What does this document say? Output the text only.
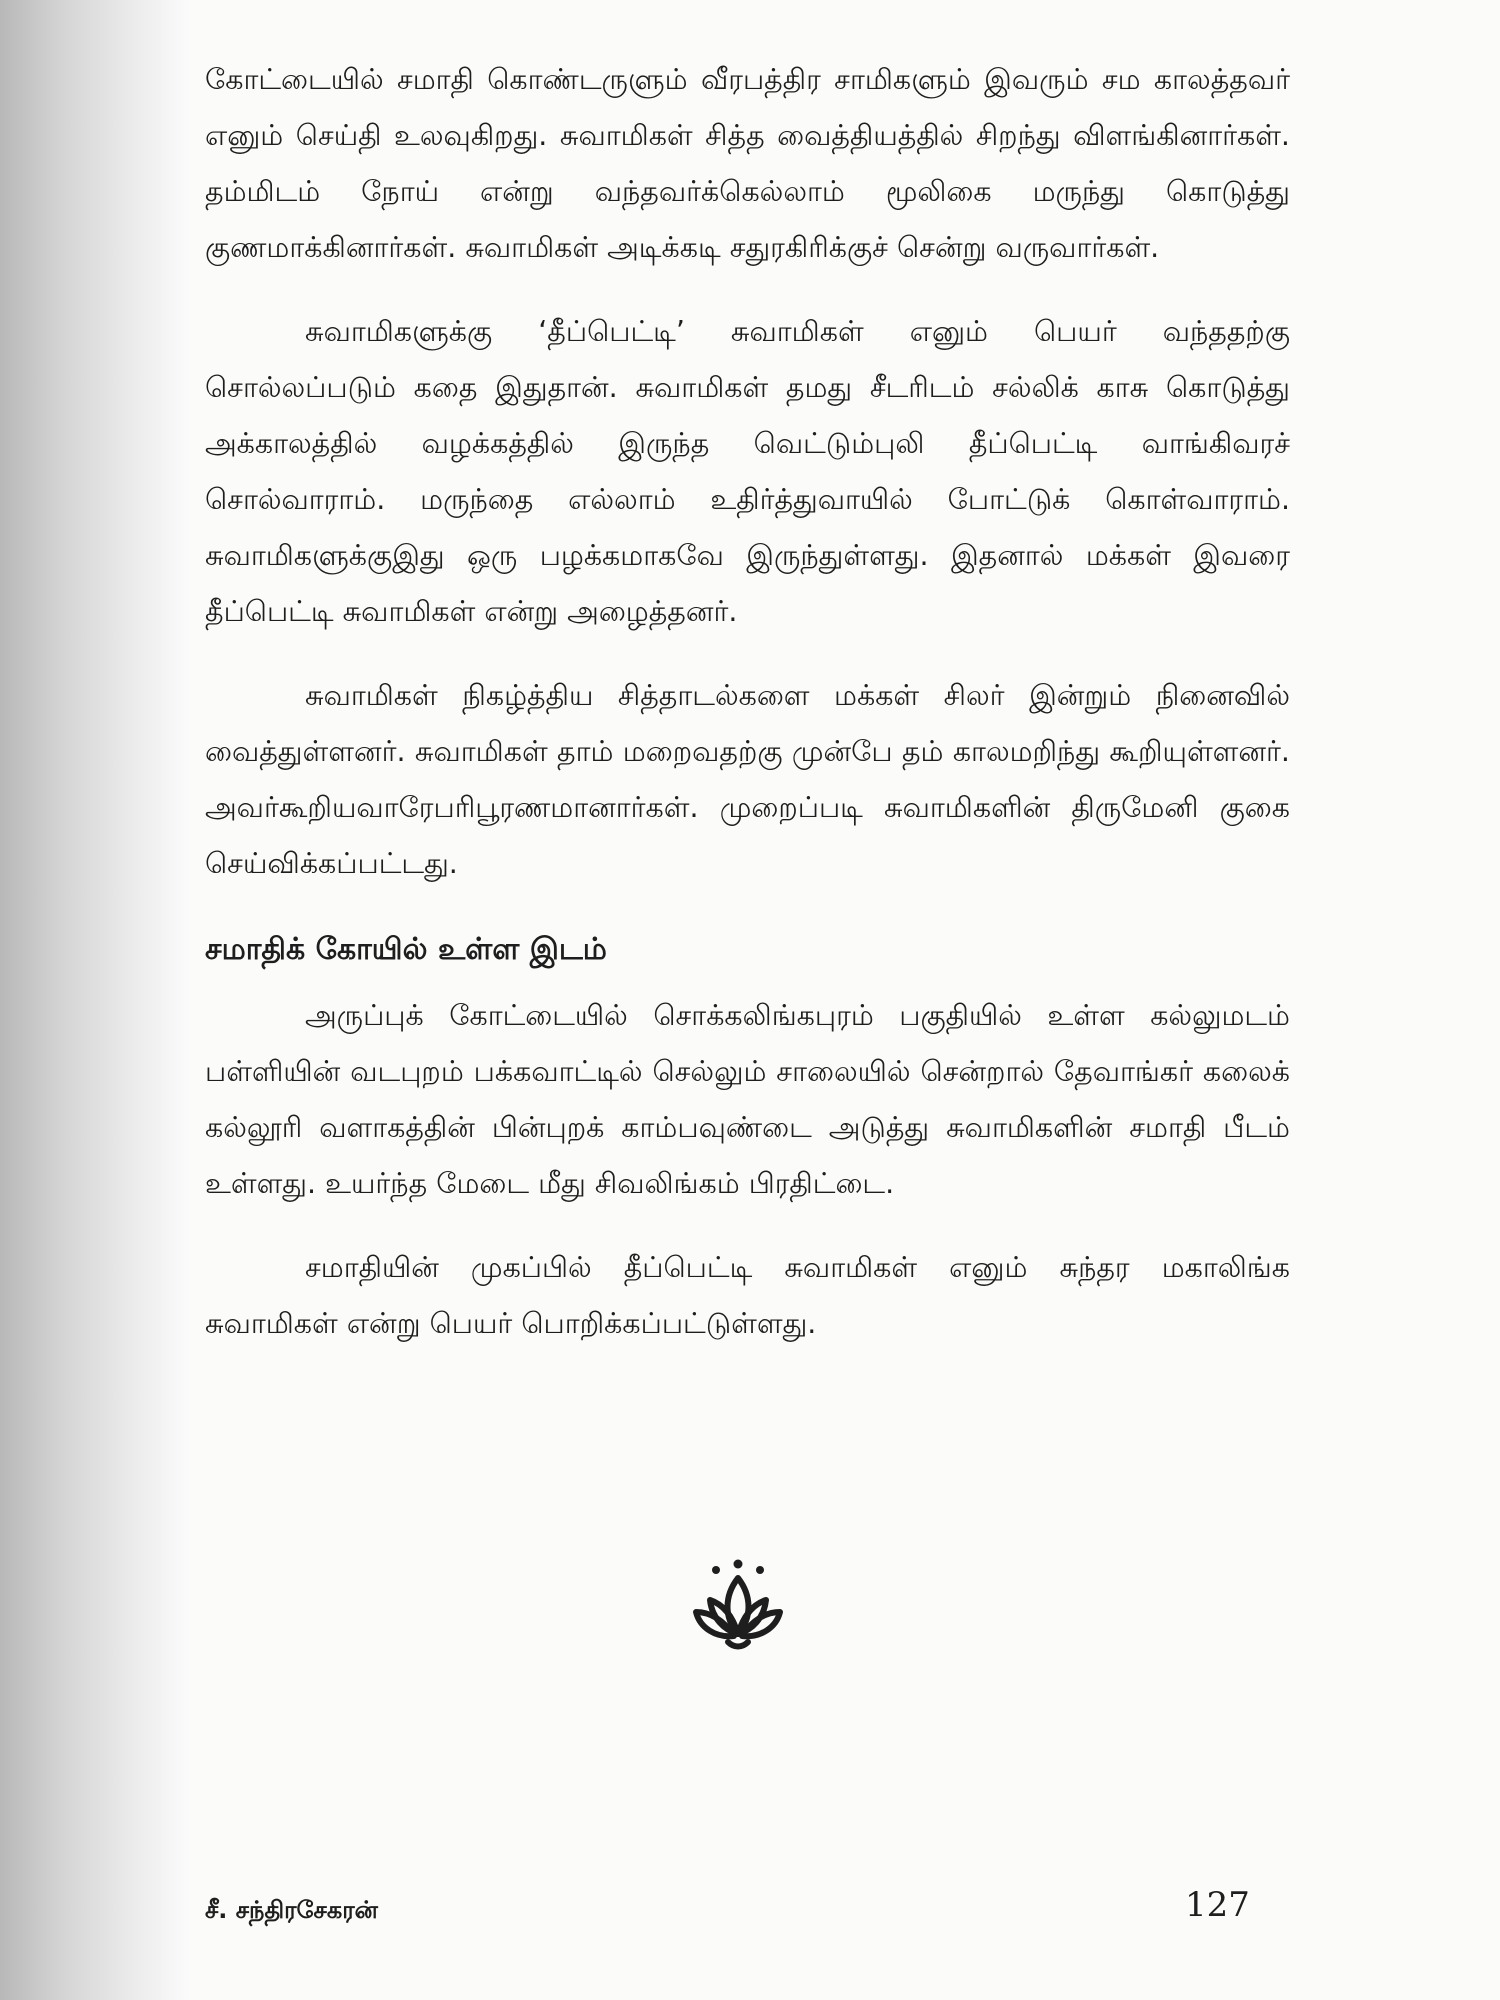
கோட்டையில் சமாதி கொண்டருளும் வீரபத்திர சாமிகளும் இவரும் சம காலத்தவர் எனும் செய்தி உலவுகிறது. சுவாமிகள் சித்த வைத்தியத்தில் சிறந்து விளங்கினார்கள். தம்மிடம் நோய் என்று வந்தவர்க்கெல்லாம் மூலிகை மருந்து கொடுத்து குணமாக்கினார்கள். சுவாமிகள் அடிக்கடி சதுரகிரிக்குச் சென்று வருவார்கள்.

சுவாமிகளுக்கு ‘தீப்பெட்டி’ சுவாமிகள் எனும் பெயர் வந்ததற்கு சொல்லப்படும் கதை இதுதான். சுவாமிகள் தமது சீடரிடம் சல்லிக் காசு கொடுத்து அக்காலத்தில் வழக்கத்தில் இருந்த வெட்டும்புலி தீப்பெட்டி வாங்கிவரச் சொல்வாராம். மருந்தை எல்லாம் உதிர்த்துவாயில் போட்டுக் கொள்வாராம். சுவாமிகளுக்குஇது ஒரு பழக்கமாகவே இருந்துள்ளது. இதனால் மக்கள் இவரை தீப்பெட்டி சுவாமிகள் என்று அழைத்தனர்.

சுவாமிகள் நிகழ்த்திய சித்தாடல்களை மக்கள் சிலர் இன்றும் நினைவில் வைத்துள்ளனர். சுவாமிகள் தாம் மறைவதற்கு முன்பே தம் காலமறிந்து கூறியுள்ளனர். அவர்கூறியவாரேபரிபூரணமானார்கள். முறைப்படி சுவாமிகளின் திருமேனி குகை செய்விக்கப்பட்டது.

சமாதிக் கோயில் உள்ள இடம்

அருப்புக் கோட்டையில் சொக்கலிங்கபுரம் பகுதியில் உள்ள கல்லுமடம் பள்ளியின் வடபுறம் பக்கவாட்டில் செல்லும் சாலையில் சென்றால் தேவாங்கர் கலைக் கல்லூரி வளாகத்தின் பின்புறக் காம்பவுண்டை அடுத்து சுவாமிகளின் சமாதி பீடம் உள்ளது. உயர்ந்த மேடை மீது சிவலிங்கம் பிரதிட்டை.

சமாதியின் முகப்பில் தீப்பெட்டி சுவாமிகள் எனும் சுந்தர மகாலிங்க சுவாமிகள் என்று பெயர் பொறிக்கப்பட்டுள்ளது.

சீ. சந்திரசேகரன்	127
